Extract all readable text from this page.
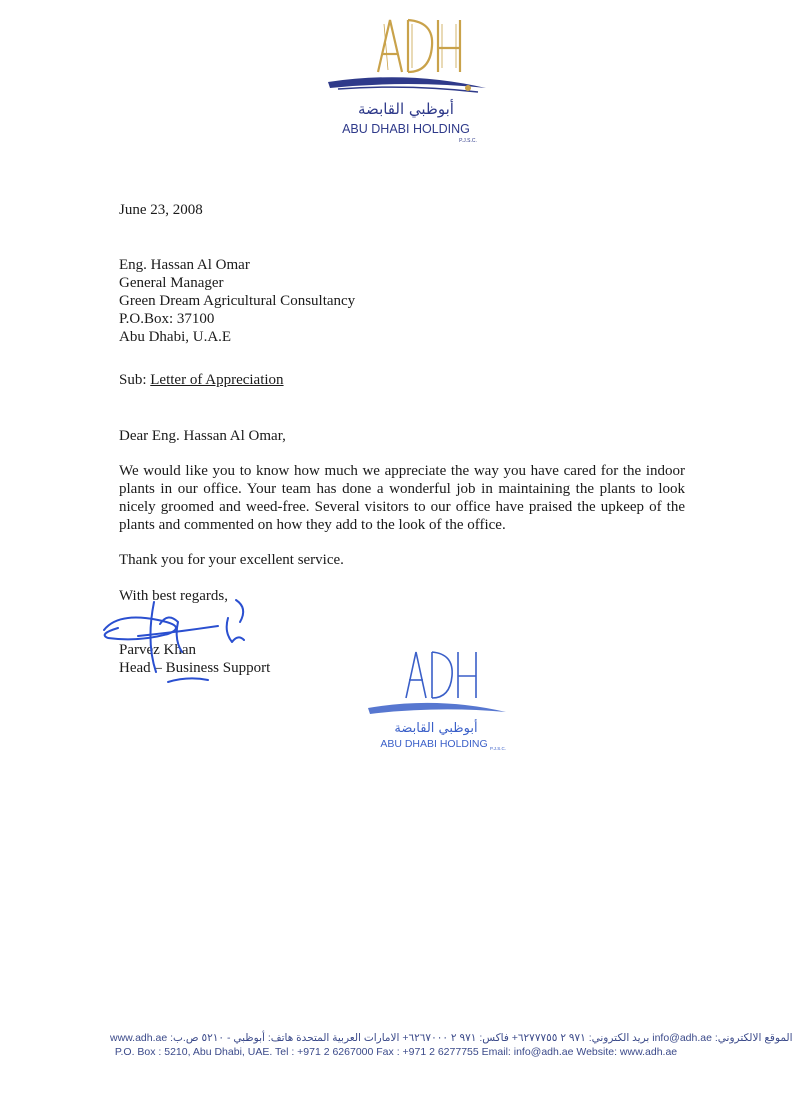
أبوظبي القابضة
ABU DHABI HOLDING
P.J.S.C.
June 23, 2008
Eng. Hassan Al Omar
General Manager
Green Dream Agricultural Consultancy
P.O.Box: 37100
Abu Dhabi, U.A.E
Sub: Letter of Appreciation
Dear Eng. Hassan Al Omar,
We would like you to know how much we appreciate the way you have cared for the indoor plants in our office. Your team has done a wonderful job in maintaining the plants to look nicely groomed and weed-free. Several visitors to our office have praised the upkeep of the plants and commented on how they add to the look of the office.
Thank you for your excellent service.
With best regards,
Parvez Khan
Head – Business Support
أبوظبي القابضة
ABU DHABI HOLDING P.J.S.C.
www.adh.ae الموقع الالكتروني: info@adh.ae بريد الكتروني: ٩٧١ ٢ ٦٢٧٧٧٥٥+ فاكس: ٩٧١ ٢ ٦٢٦٧٠٠٠+ الامارات العربية المتحدة هاتف: أبوظبي - ٥٢١٠ ص.ب:
P.O. Box : 5210, Abu Dhabi, UAE. Tel : +971 2 6267000 Fax : +971 2 6277755 Email: info@adh.ae Website: www.adh.ae
